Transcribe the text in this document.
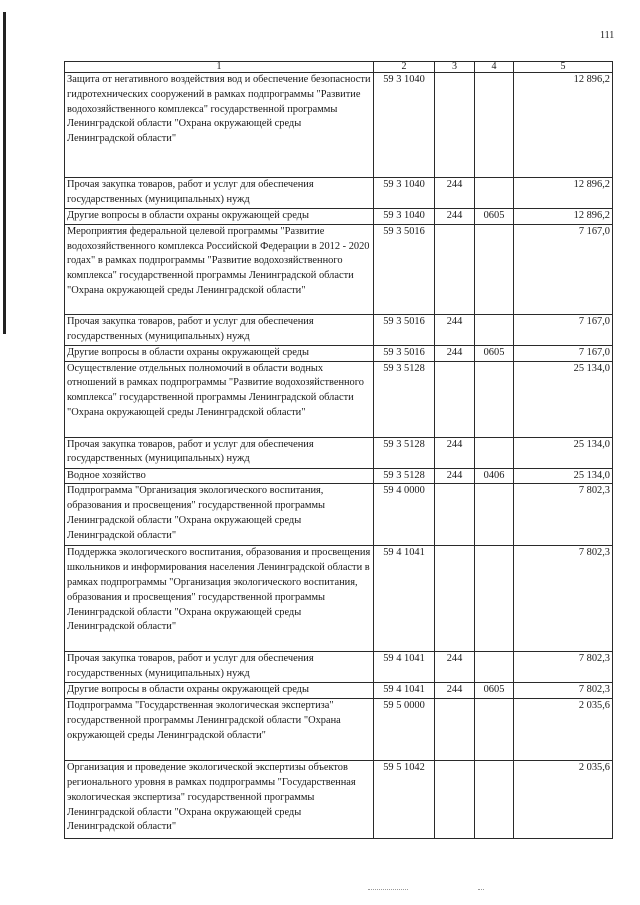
111
1	2	3	4	5
Защита от негативного воздействия вод и обеспечение безопасности гидротехнических сооружений в рамках подпрограммы "Развитие водохозяйственного комплекса" государственной программы Ленинградской области "Охрана окружающей среды Ленинградской области"	59 3 1040			12 896,2
Прочая закупка товаров, работ и услуг для обеспечения государственных (муниципальных) нужд	59 3 1040	244		12 896,2
Другие вопросы в области охраны окружающей среды	59 3 1040	244	0605	12 896,2
Мероприятия федеральной целевой программы "Развитие водохозяйственного комплекса Российской Федерации в 2012 - 2020 годах" в рамках подпрограммы "Развитие водохозяйственного комплекса" государственной программы Ленинградской области "Охрана окружающей среды Ленинградской области"	59 3 5016			7 167,0
Прочая закупка товаров, работ и услуг для обеспечения государственных (муниципальных) нужд	59 3 5016	244		7 167,0
Другие вопросы в области охраны окружающей среды	59 3 5016	244	0605	7 167,0
Осуществление отдельных полномочий в области водных отношений в рамках подпрограммы "Развитие водохозяйственного комплекса" государственной программы Ленинградской области "Охрана окружающей среды Ленинградской области"	59 3 5128			25 134,0
Прочая закупка товаров, работ и услуг для обеспечения государственных (муниципальных) нужд	59 3 5128	244		25 134,0
Водное хозяйство	59 3 5128	244	0406	25 134,0
Подпрограмма "Организация экологического воспитания, образования и просвещения" государственной программы Ленинградской области "Охрана окружающей среды Ленинградской области"	59 4 0000			7 802,3
Поддержка экологического воспитания, образования и просвещения школьников и информирования населения Ленинградской области в рамках подпрограммы "Организация экологического воспитания, образования и просвещения" государственной программы Ленинградской области "Охрана окружающей среды Ленинградской области"	59 4 1041			7 802,3
Прочая закупка товаров, работ и услуг для обеспечения государственных (муниципальных) нужд	59 4 1041	244		7 802,3
Другие вопросы в области охраны окружающей среды	59 4 1041	244	0605	7 802,3
Подпрограмма "Государственная экологическая экспертиза" государственной программы Ленинградской области "Охрана окружающей среды Ленинградской области"	59 5 0000			2 035,6
Организация и проведение экологической экспертизы объектов регионального уровня в рамках подпрограммы "Государственная экологическая экспертиза" государственной программы Ленинградской области "Охрана окружающей среды Ленинградской области"	59 5 1042			2 035,6
